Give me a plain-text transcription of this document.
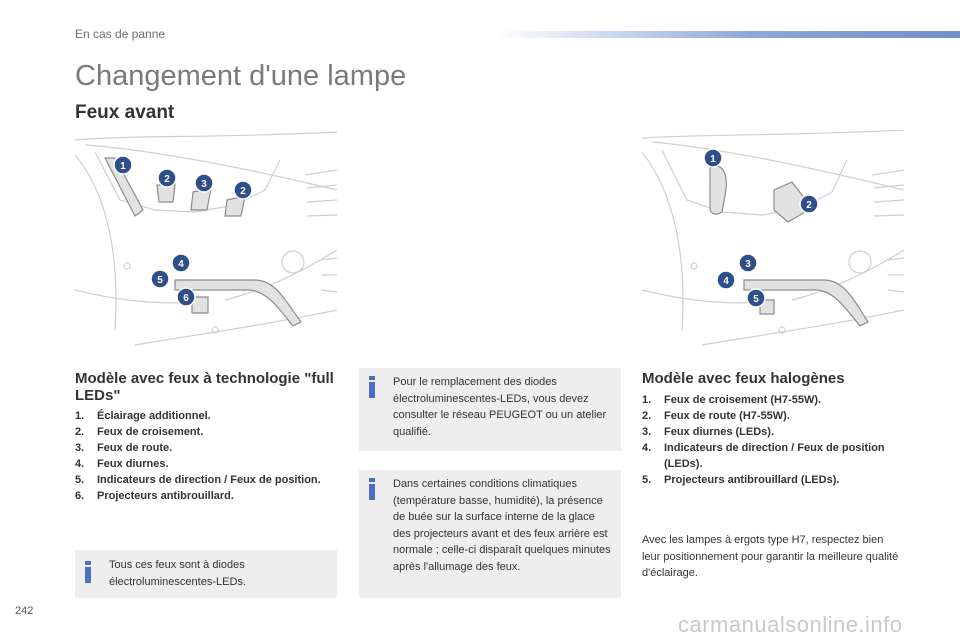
En cas de panne
Changement d'une lampe
Feux avant
1
2	3
2
4
5
6
1
2
3
4
5
Modèle avec feux à technologie "full LEDs"
1. Éclairage additionnel.
2. Feux de croisement.
3. Feux de route.
4. Feux diurnes.
5. Indicateurs de direction / Feux de position.
6. Projecteurs antibrouillard.

Tous ces feux sont à diodes électroluminescentes-LEDs.

Pour le remplacement des diodes électroluminescentes-LEDs, vous devez consulter le réseau PEUGEOT ou un atelier qualifié.

Dans certaines conditions climatiques (température basse, humidité), la présence de buée sur la surface interne de la glace des projecteurs avant et des feux arrière est normale ; celle-ci disparaît quelques minutes après l'allumage des feux.

Modèle avec feux halogènes
1. Feux de croisement (H7-55W).
2. Feux de route (H7-55W).
3. Feux diurnes (LEDs).
4. Indicateurs de direction / Feux de position (LEDs).
5. Projecteurs antibrouillard (LEDs).

Avec les lampes à ergots type H7, respectez bien leur positionnement pour garantir la meilleure qualité d'éclairage.

242
carmanualsonline.info
